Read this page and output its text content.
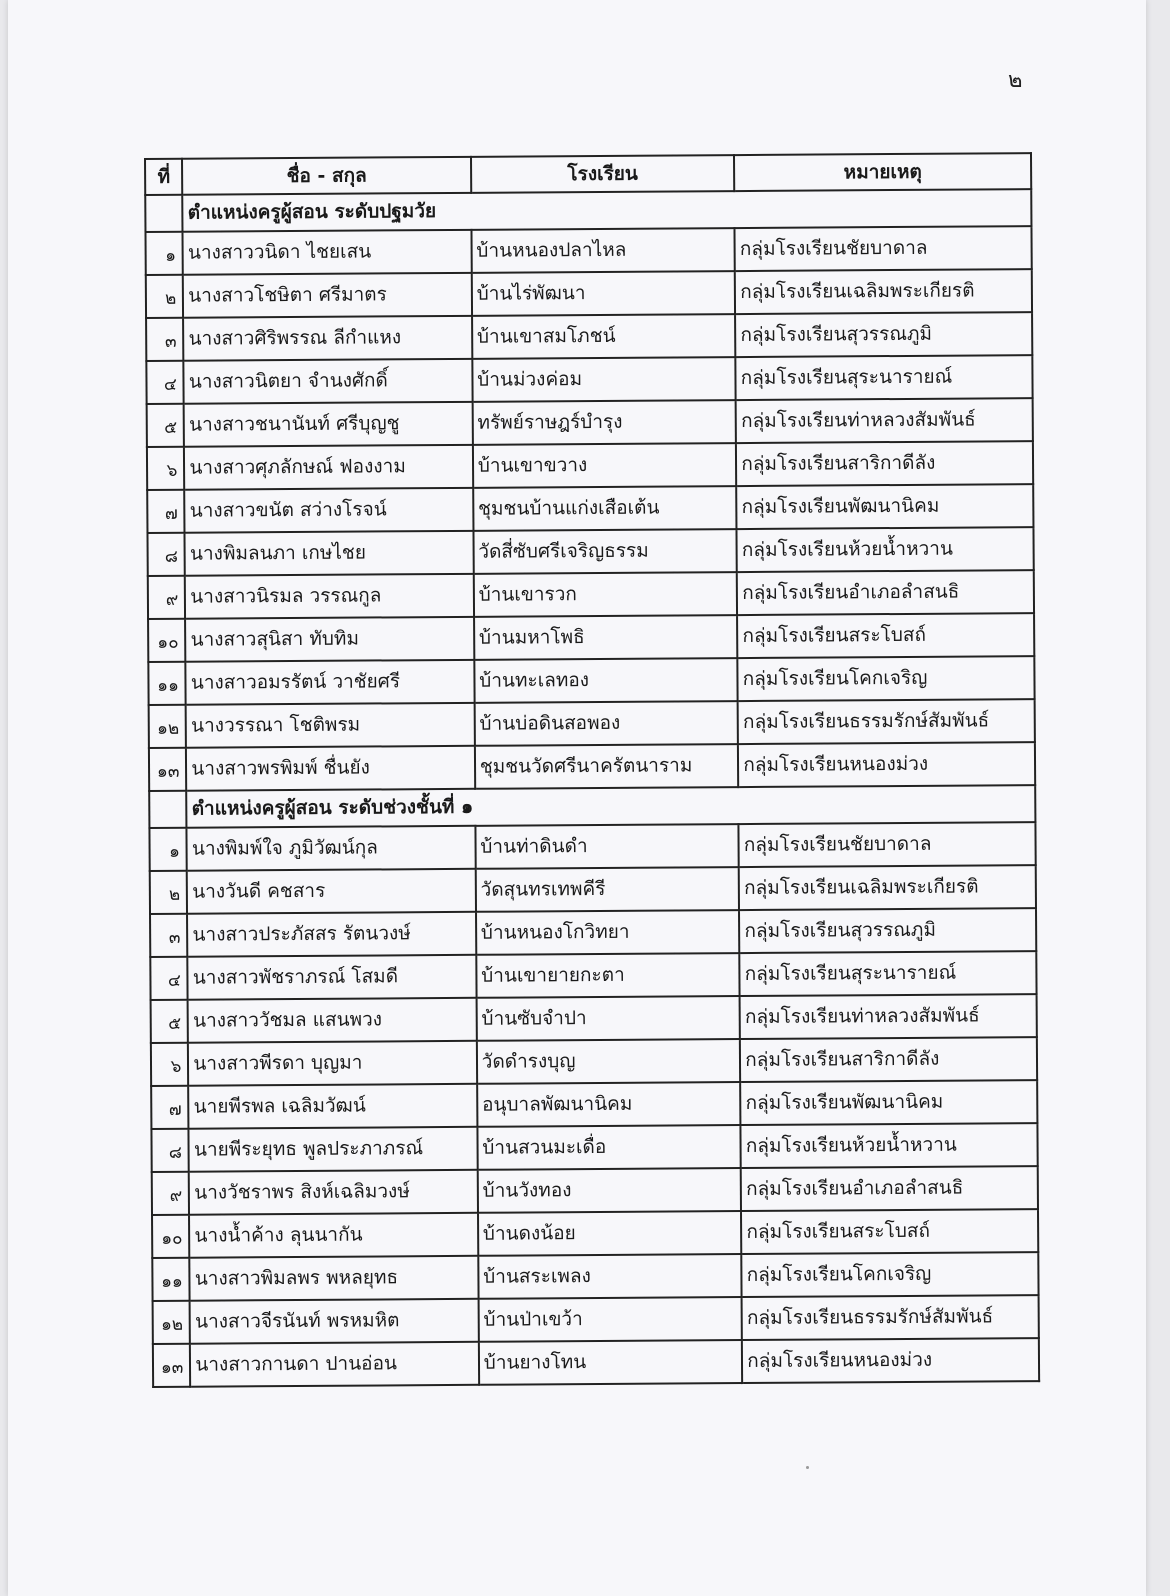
๒
ที่	ชื่อ - สกุล	โรงเรียน	หมายเหตุ
	ตำแหน่งครูผู้สอน ระดับปฐมวัย		
๑	นางสาววนิดา ไชยเสน	บ้านหนองปลาไหล	กลุ่มโรงเรียนชัยบาดาล
๒	นางสาวโชษิตา ศรีมาตร	บ้านไร่พัฒนา	กลุ่มโรงเรียนเฉลิมพระเกียรติ
๓	นางสาวศิริพรรณ ลีกำแหง	บ้านเขาสมโภชน์	กลุ่มโรงเรียนสุวรรณภูมิ
๔	นางสาวนิตยา จำนงศักดิ์	บ้านม่วงค่อม	กลุ่มโรงเรียนสุระนารายณ์
๕	นางสาวชนานันท์ ศรีบุญชู	ทรัพย์ราษฎร์บำรุง	กลุ่มโรงเรียนท่าหลวงสัมพันธ์
๖	นางสาวศุภลักษณ์ ฟองงาม	บ้านเขาขวาง	กลุ่มโรงเรียนสาริกาดีลัง
๗	นางสาวขนัต สว่างโรจน์	ชุมชนบ้านแก่งเสือเต้น	กลุ่มโรงเรียนพัฒนานิคม
๘	นางพิมลนภา เกษไชย	วัดสี่ซับศรีเจริญธรรม	กลุ่มโรงเรียนห้วยน้ำหวาน
๙	นางสาวนิรมล วรรณกูล	บ้านเขารวก	กลุ่มโรงเรียนอำเภอลำสนธิ
๑๐	นางสาวสุนิสา ทับทิม	บ้านมหาโพธิ	กลุ่มโรงเรียนสระโบสถ์
๑๑	นางสาวอมรรัตน์ วาชัยศรี	บ้านทะเลทอง	กลุ่มโรงเรียนโคกเจริญ
๑๒	นางวรรณา โชติพรม	บ้านบ่อดินสอพอง	กลุ่มโรงเรียนธรรมรักษ์สัมพันธ์
๑๓	นางสาวพรพิมพ์ ชื่นยัง	ชุมชนวัดศรีนาครัตนาราม	กลุ่มโรงเรียนหนองม่วง
	ตำแหน่งครูผู้สอน ระดับช่วงชั้นที่ ๑		
๑	นางพิมพ์ใจ ภูมิวัฒน์กุล	บ้านท่าดินดำ	กลุ่มโรงเรียนชัยบาดาล
๒	นางวันดี คชสาร	วัดสุนทรเทพคีรี	กลุ่มโรงเรียนเฉลิมพระเกียรติ
๓	นางสาวประภัสสร รัตนวงษ์	บ้านหนองโกวิทยา	กลุ่มโรงเรียนสุวรรณภูมิ
๔	นางสาวพัชราภรณ์ โสมดี	บ้านเขายายกะตา	กลุ่มโรงเรียนสุระนารายณ์
๕	นางสาววัชมล แสนพวง	บ้านซับจำปา	กลุ่มโรงเรียนท่าหลวงสัมพันธ์
๖	นางสาวพีรดา บุญมา	วัดดำรงบุญ	กลุ่มโรงเรียนสาริกาดีลัง
๗	นายพีรพล เฉลิมวัฒน์	อนุบาลพัฒนานิคม	กลุ่มโรงเรียนพัฒนานิคม
๘	นายพีระยุทธ พูลประภาภรณ์	บ้านสวนมะเดื่อ	กลุ่มโรงเรียนห้วยน้ำหวาน
๙	นางวัชราพร สิงห์เฉลิมวงษ์	บ้านวังทอง	กลุ่มโรงเรียนอำเภอลำสนธิ
๑๐	นางน้ำค้าง ลุนนากัน	บ้านดงน้อย	กลุ่มโรงเรียนสระโบสถ์
๑๑	นางสาวพิมลพร พหลยุทธ	บ้านสระเพลง	กลุ่มโรงเรียนโคกเจริญ
๑๒	นางสาวจีรนันท์ พรหมหิต	บ้านป่าเขว้า	กลุ่มโรงเรียนธรรมรักษ์สัมพันธ์
๑๓	นางสาวกานดา ปานอ่อน	บ้านยางโทน	กลุ่มโรงเรียนหนองม่วง
